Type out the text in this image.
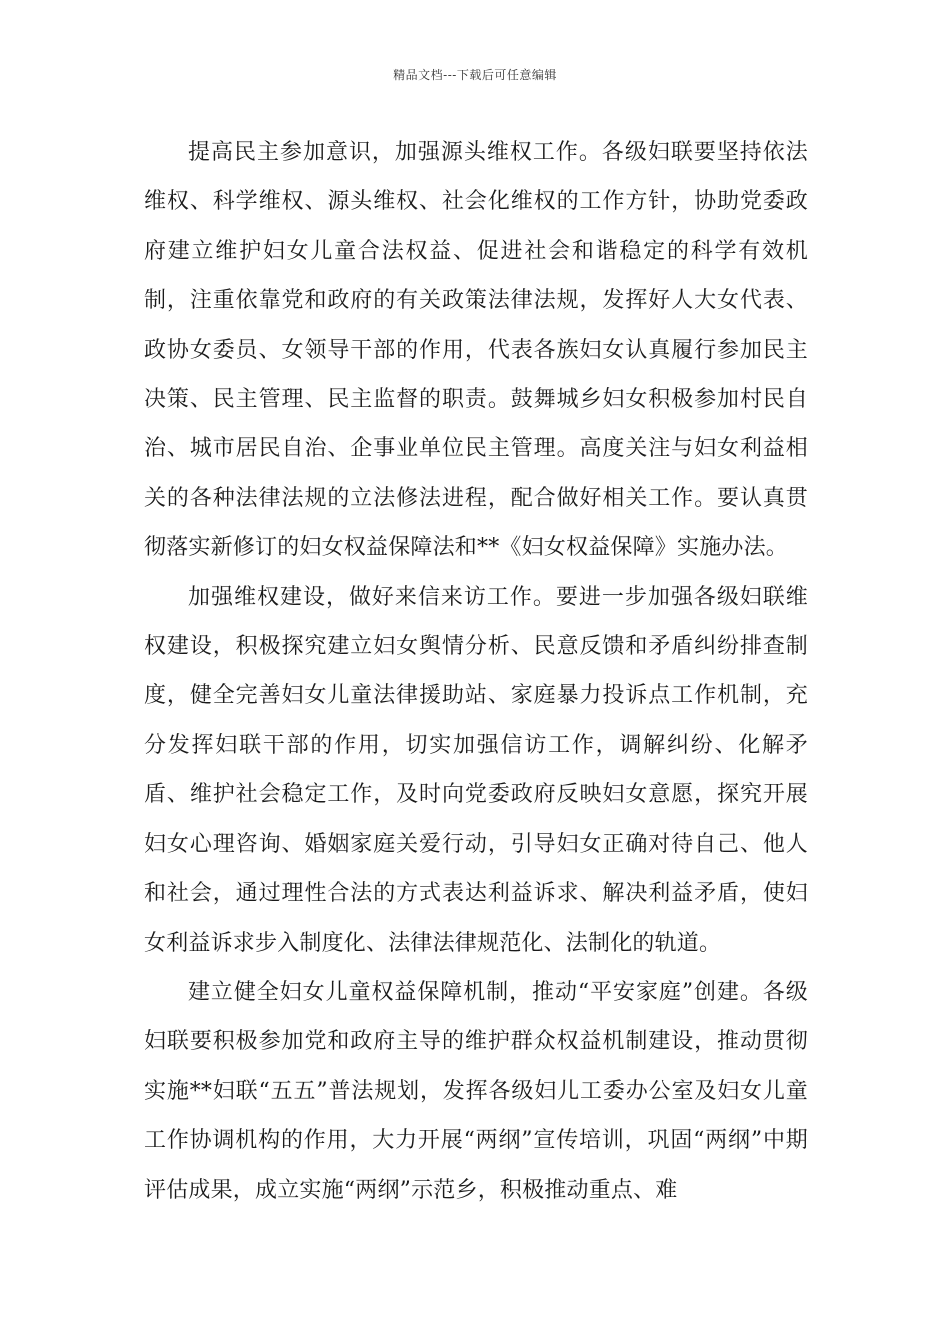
精品文档---下载后可任意编辑

提高民主参加意识，加强源头维权工作。各级妇联要坚持依法维权、科学维权、源头维权、社会化维权的工作方针，协助党委政府建立维护妇女儿童合法权益、促进社会和谐稳定的科学有效机制，注重依靠党和政府的有关政策法律法规，发挥好人大女代表、政协女委员、女领导干部的作用，代表各族妇女认真履行参加民主决策、民主管理、民主监督的职责。鼓舞城乡妇女积极参加村民自治、城市居民自治、企事业单位民主管理。高度关注与妇女利益相关的各种法律法规的立法修法进程，配合做好相关工作。要认真贯彻落实新修订的妇女权益保障法和**《妇女权益保障》实施办法。

加强维权建设，做好来信来访工作。要进一步加强各级妇联维权建设，积极探究建立妇女舆情分析、民意反馈和矛盾纠纷排查制度，健全完善妇女儿童法律援助站、家庭暴力投诉点工作机制，充分发挥妇联干部的作用，切实加强信访工作，调解纠纷、化解矛盾、维护社会稳定工作，及时向党委政府反映妇女意愿，探究开展妇女心理咨询、婚姻家庭关爱行动，引导妇女正确对待自己、他人和社会，通过理性合法的方式表达利益诉求、解决利益矛盾，使妇女利益诉求步入制度化、法律法律规范化、法制化的轨道。

建立健全妇女儿童权益保障机制，推动“平安家庭”创建。各级妇联要积极参加党和政府主导的维护群众权益机制建设，推动贯彻实施**妇联“五五”普法规划，发挥各级妇儿工委办公室及妇女儿童工作协调机构的作用，大力开展“两纲”宣传培训，巩固“两纲”中期评估成果，成立实施“两纲”示范乡，积极推动重点、难
